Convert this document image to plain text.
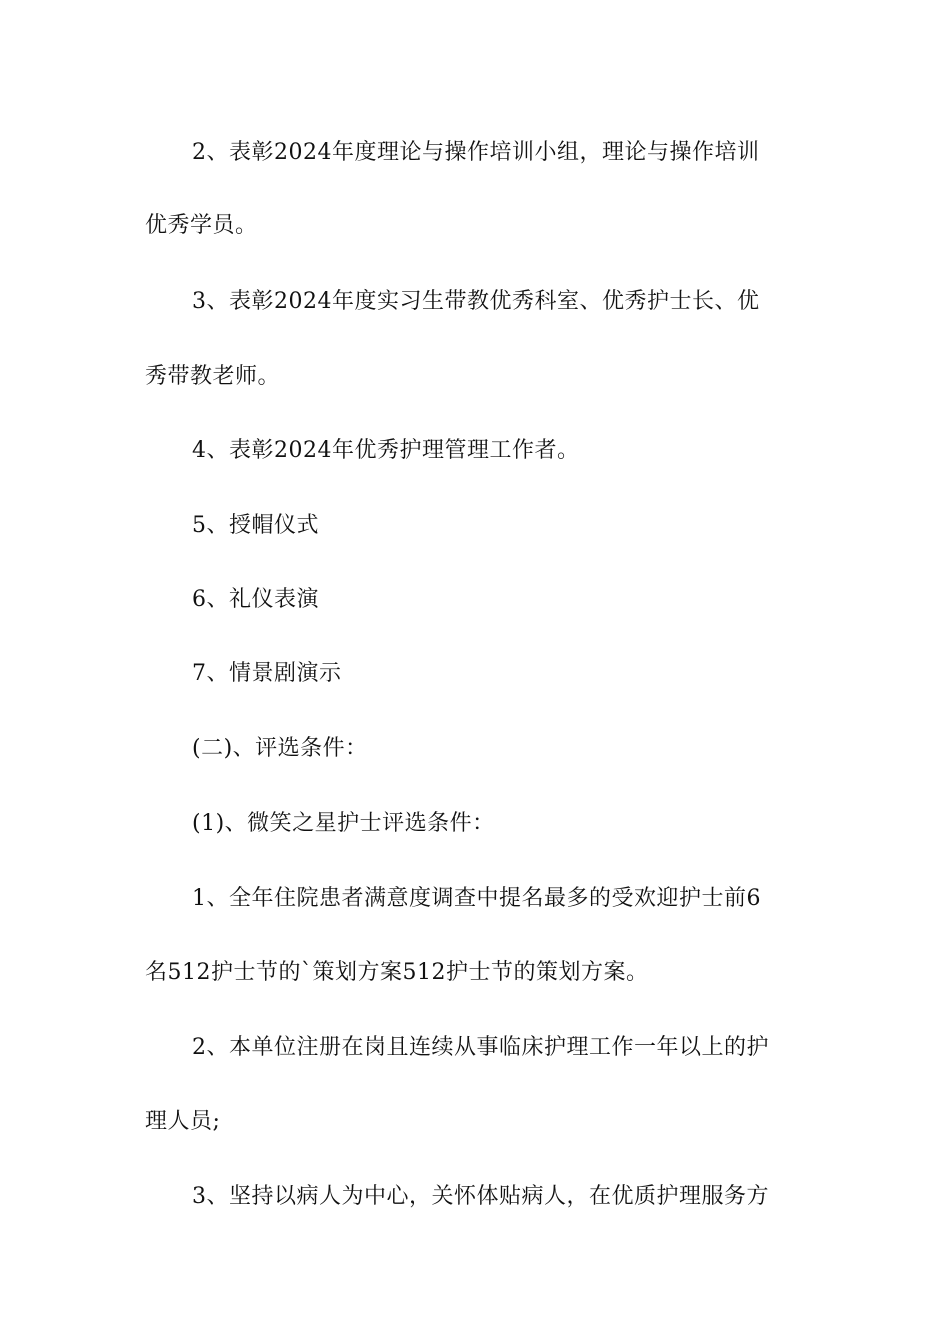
2、表彰2024年度理论与操作培训小组，理论与操作培训
优秀学员。
3、表彰2024年度实习生带教优秀科室、优秀护士长、优
秀带教老师。
4、表彰2024年优秀护理管理工作者。
5、授帽仪式
6、礼仪表演
7、情景剧演示
(二)、评选条件：
(1)、微笑之星护士评选条件：
1、全年住院患者满意度调查中提名最多的受欢迎护士前6
名512护士节的`策划方案512护士节的策划方案。
2、本单位注册在岗且连续从事临床护理工作一年以上的护
理人员;
3、坚持以病人为中心，关怀体贴病人，在优质护理服务方
